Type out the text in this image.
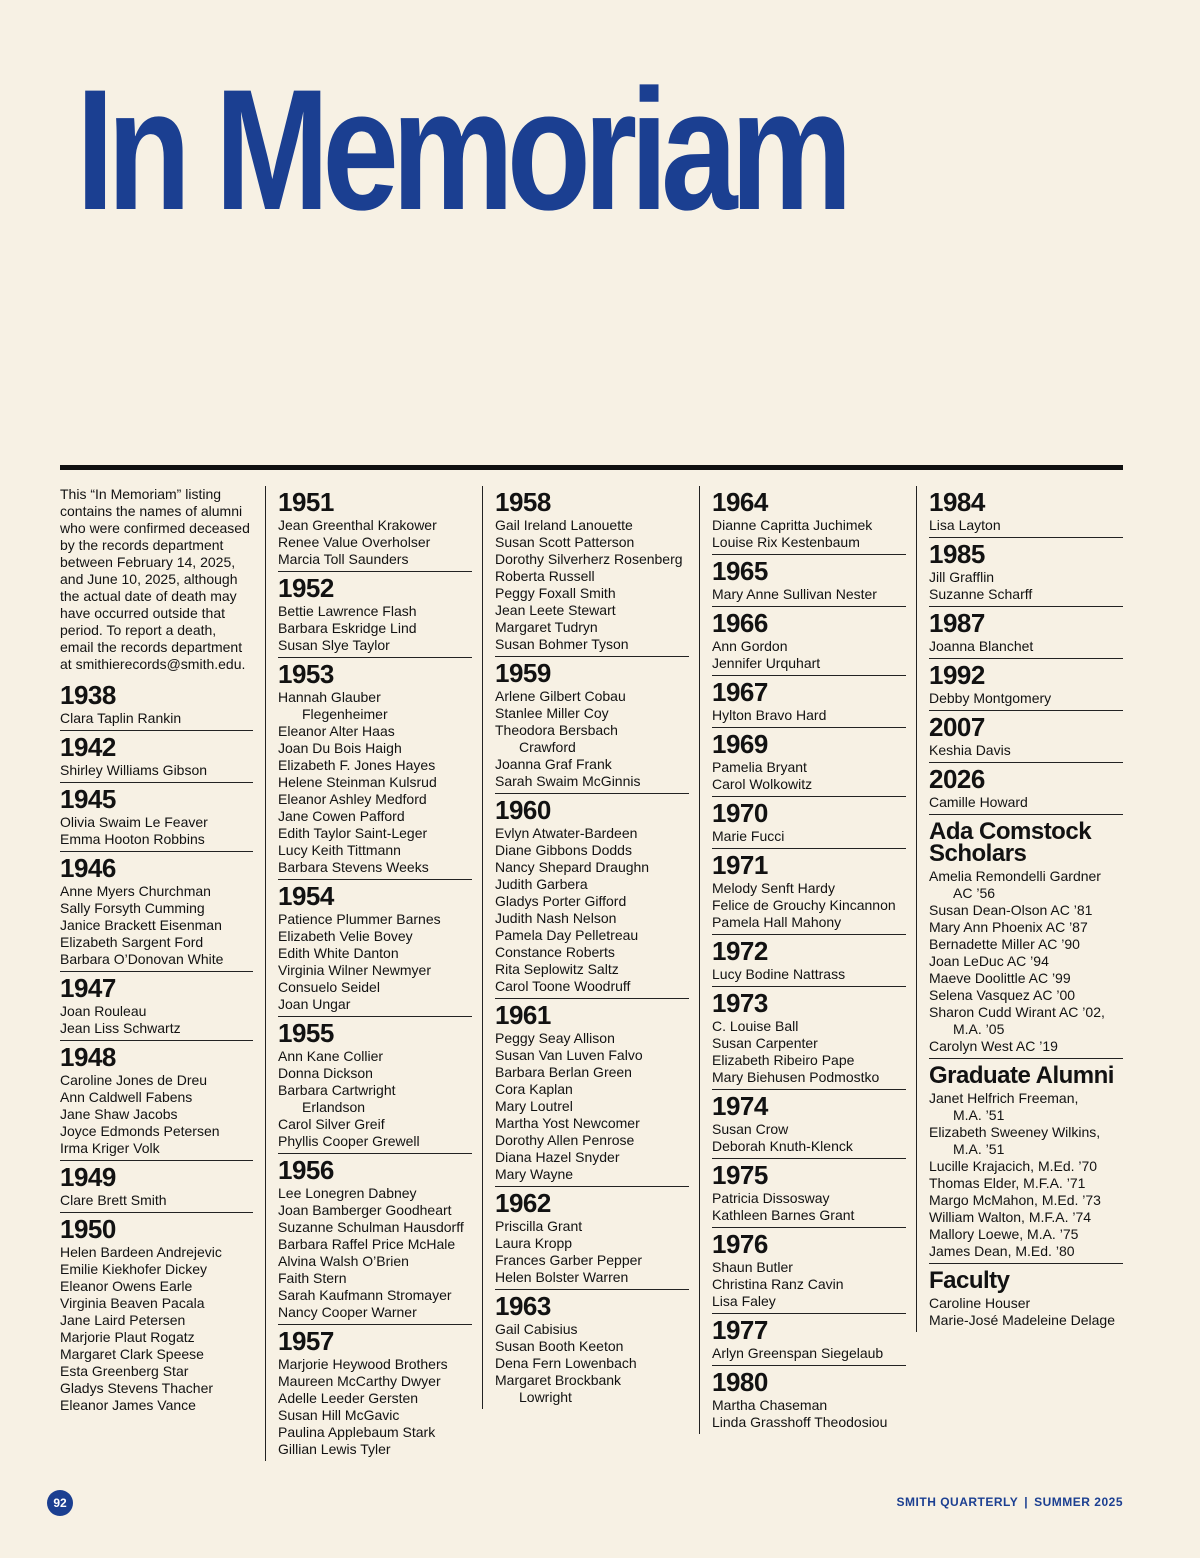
In Memoriam

This “In Memoriam” listing contains the names of alumni who were confirmed deceased by the records department between February 14, 2025, and June 10, 2025, although the actual date of death may have occurred outside that period. To report a death, email the records department at smithierecords@smith.edu.

1938
Clara Taplin Rankin
1942
Shirley Williams Gibson
1945
Olivia Swaim Le Feaver
Emma Hooton Robbins
1946
Anne Myers Churchman
Sally Forsyth Cumming
Janice Brackett Eisenman
Elizabeth Sargent Ford
Barbara O’Donovan White
1947
Joan Rouleau
Jean Liss Schwartz
1948
Caroline Jones de Dreu
Ann Caldwell Fabens
Jane Shaw Jacobs
Joyce Edmonds Petersen
Irma Kriger Volk
1949
Clare Brett Smith
1950
Helen Bardeen Andrejevic
Emilie Kiekhofer Dickey
Eleanor Owens Earle
Virginia Beaven Pacala
Jane Laird Petersen
Marjorie Plaut Rogatz
Margaret Clark Speese
Esta Greenberg Star
Gladys Stevens Thacher
Eleanor James Vance
1951
Jean Greenthal Krakower
Renee Value Overholser
Marcia Toll Saunders
1952
Bettie Lawrence Flash
Barbara Eskridge Lind
Susan Slye Taylor
1953
Hannah Glauber
Flegenheimer
Eleanor Alter Haas
Joan Du Bois Haigh
Elizabeth F. Jones Hayes
Helene Steinman Kulsrud
Eleanor Ashley Medford
Jane Cowen Pafford
Edith Taylor Saint-Leger
Lucy Keith Tittmann
Barbara Stevens Weeks
1954
Patience Plummer Barnes
Elizabeth Velie Bovey
Edith White Danton
Virginia Wilner Newmyer
Consuelo Seidel
Joan Ungar
1955
Ann Kane Collier
Donna Dickson
Barbara Cartwright
Erlandson
Carol Silver Greif
Phyllis Cooper Grewell
1956
Lee Lonegren Dabney
Joan Bamberger Goodheart
Suzanne Schulman Hausdorff
Barbara Raffel Price McHale
Alvina Walsh O’Brien
Faith Stern
Sarah Kaufmann Stromayer
Nancy Cooper Warner
1957
Marjorie Heywood Brothers
Maureen McCarthy Dwyer
Adelle Leeder Gersten
Susan Hill McGavic
Paulina Applebaum Stark
Gillian Lewis Tyler
1958
Gail Ireland Lanouette
Susan Scott Patterson
Dorothy Silverherz Rosenberg
Roberta Russell
Peggy Foxall Smith
Jean Leete Stewart
Margaret Tudryn
Susan Bohmer Tyson
1959
Arlene Gilbert Cobau
Stanlee Miller Coy
Theodora Bersbach
Crawford
Joanna Graf Frank
Sarah Swaim McGinnis
1960
Evlyn Atwater-Bardeen
Diane Gibbons Dodds
Nancy Shepard Draughn
Judith Garbera
Gladys Porter Gifford
Judith Nash Nelson
Pamela Day Pelletreau
Constance Roberts
Rita Seplowitz Saltz
Carol Toone Woodruff
1961
Peggy Seay Allison
Susan Van Luven Falvo
Barbara Berlan Green
Cora Kaplan
Mary Loutrel
Martha Yost Newcomer
Dorothy Allen Penrose
Diana Hazel Snyder
Mary Wayne
1962
Priscilla Grant
Laura Kropp
Frances Garber Pepper
Helen Bolster Warren
1963
Gail Cabisius
Susan Booth Keeton
Dena Fern Lowenbach
Margaret Brockbank
Lowright
1964
Dianne Capritta Juchimek
Louise Rix Kestenbaum
1965
Mary Anne Sullivan Nester
1966
Ann Gordon
Jennifer Urquhart
1967
Hylton Bravo Hard
1969
Pamelia Bryant
Carol Wolkowitz
1970
Marie Fucci
1971
Melody Senft Hardy
Felice de Grouchy Kincannon
Pamela Hall Mahony
1972
Lucy Bodine Nattrass
1973
C. Louise Ball
Susan Carpenter
Elizabeth Ribeiro Pape
Mary Biehusen Podmostko
1974
Susan Crow
Deborah Knuth-Klenck
1975
Patricia Dissosway
Kathleen Barnes Grant
1976
Shaun Butler
Christina Ranz Cavin
Lisa Faley
1977
Arlyn Greenspan Siegelaub
1980
Martha Chaseman
Linda Grasshoff Theodosiou
1984
Lisa Layton
1985
Jill Grafflin
Suzanne Scharff
1987
Joanna Blanchet
1992
Debby Montgomery
2007
Keshia Davis
2026
Camille Howard
Ada Comstock Scholars
Amelia Remondelli Gardner
AC ’56
Susan Dean-Olson AC ’81
Mary Ann Phoenix AC ’87
Bernadette Miller AC ’90
Joan LeDuc AC ’94
Maeve Doolittle AC ’99
Selena Vasquez AC ’00
Sharon Cudd Wirant AC ’02,
M.A. ’05
Carolyn West AC ’19
Graduate Alumni
Janet Helfrich Freeman,
M.A. ’51
Elizabeth Sweeney Wilkins,
M.A. ’51
Lucille Krajacich, M.Ed. ’70
Thomas Elder, M.F.A. ’71
Margo McMahon, M.Ed. ’73
William Walton, M.F.A. ’74
Mallory Loewe, M.A. ’75
James Dean, M.Ed. ’80
Faculty
Caroline Houser
Marie-José Madeleine Delage
92	SMITH QUARTERLY | SUMMER 2025
